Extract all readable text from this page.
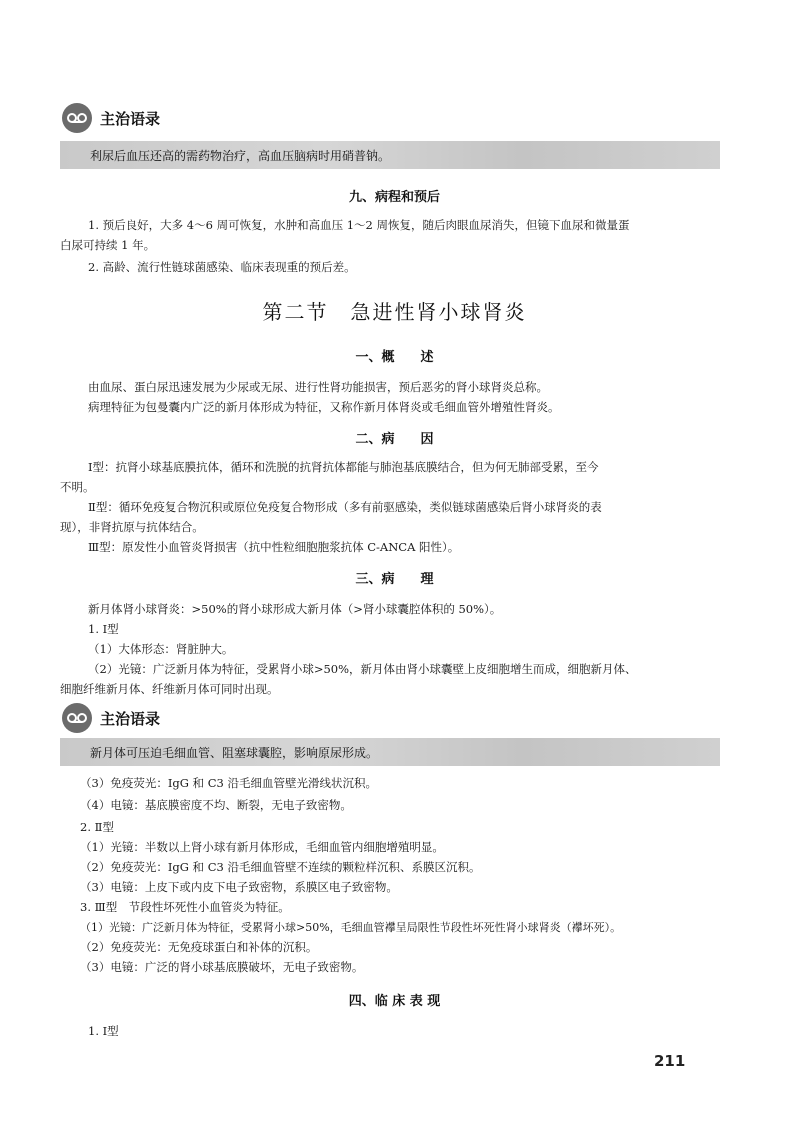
主治语录
利尿后血压还高的需药物治疗，高血压脑病时用硝普钠。
九、病程和预后
1. 预后良好，大多 4～6 周可恢复，水肿和高血压 1～2 周恢复，随后肉眼血尿消失，但镜下血尿和微量蛋
白尿可持续 1 年。
2. 高龄、流行性链球菌感染、临床表现重的预后差。
第二节　急进性肾小球肾炎
一、概　　述
由血尿、蛋白尿迅速发展为少尿或无尿、进行性肾功能损害，预后恶劣的肾小球肾炎总称。
病理特征为包曼囊内广泛的新月体形成为特征，又称作新月体肾炎或毛细血管外增殖性肾炎。
二、病　　因
Ⅰ型：抗肾小球基底膜抗体，循环和洗脱的抗肾抗体都能与肺泡基底膜结合，但为何无肺部受累，至今
不明。
Ⅱ型：循环免疫复合物沉积或原位免疫复合物形成（多有前驱感染，类似链球菌感染后肾小球肾炎的表
现），非肾抗原与抗体结合。
Ⅲ型：原发性小血管炎肾损害（抗中性粒细胞胞浆抗体 C-ANCA 阳性）。
三、病　　理
新月体肾小球肾炎：>50%的肾小球形成大新月体（>肾小球囊腔体积的 50%）。
1. Ⅰ型
（1）大体形态：肾脏肿大。
（2）光镜：广泛新月体为特征，受累肾小球>50%，新月体由肾小球囊壁上皮细胞增生而成，细胞新月体、
细胞纤维新月体、纤维新月体可同时出现。
主治语录
新月体可压迫毛细血管、阻塞球囊腔，影响原尿形成。
（3）免疫荧光：IgG 和 C3 沿毛细血管壁光滑线状沉积。
（4）电镜：基底膜密度不均、断裂，无电子致密物。
2. Ⅱ型
（1）光镜：半数以上肾小球有新月体形成，毛细血管内细胞增殖明显。
（2）免疫荧光：IgG 和 C3 沿毛细血管壁不连续的颗粒样沉积、系膜区沉积。
（3）电镜：上皮下或内皮下电子致密物，系膜区电子致密物。
3. Ⅲ型　节段性坏死性小血管炎为特征。
（1）光镜：广泛新月体为特征，受累肾小球>50%，毛细血管襻呈局限性节段性坏死性肾小球肾炎（襻坏死）。
（2）免疫荧光：无免疫球蛋白和补体的沉积。
（3）电镜：广泛的肾小球基底膜破坏，无电子致密物。
四、临 床 表 现
1. Ⅰ型
211
